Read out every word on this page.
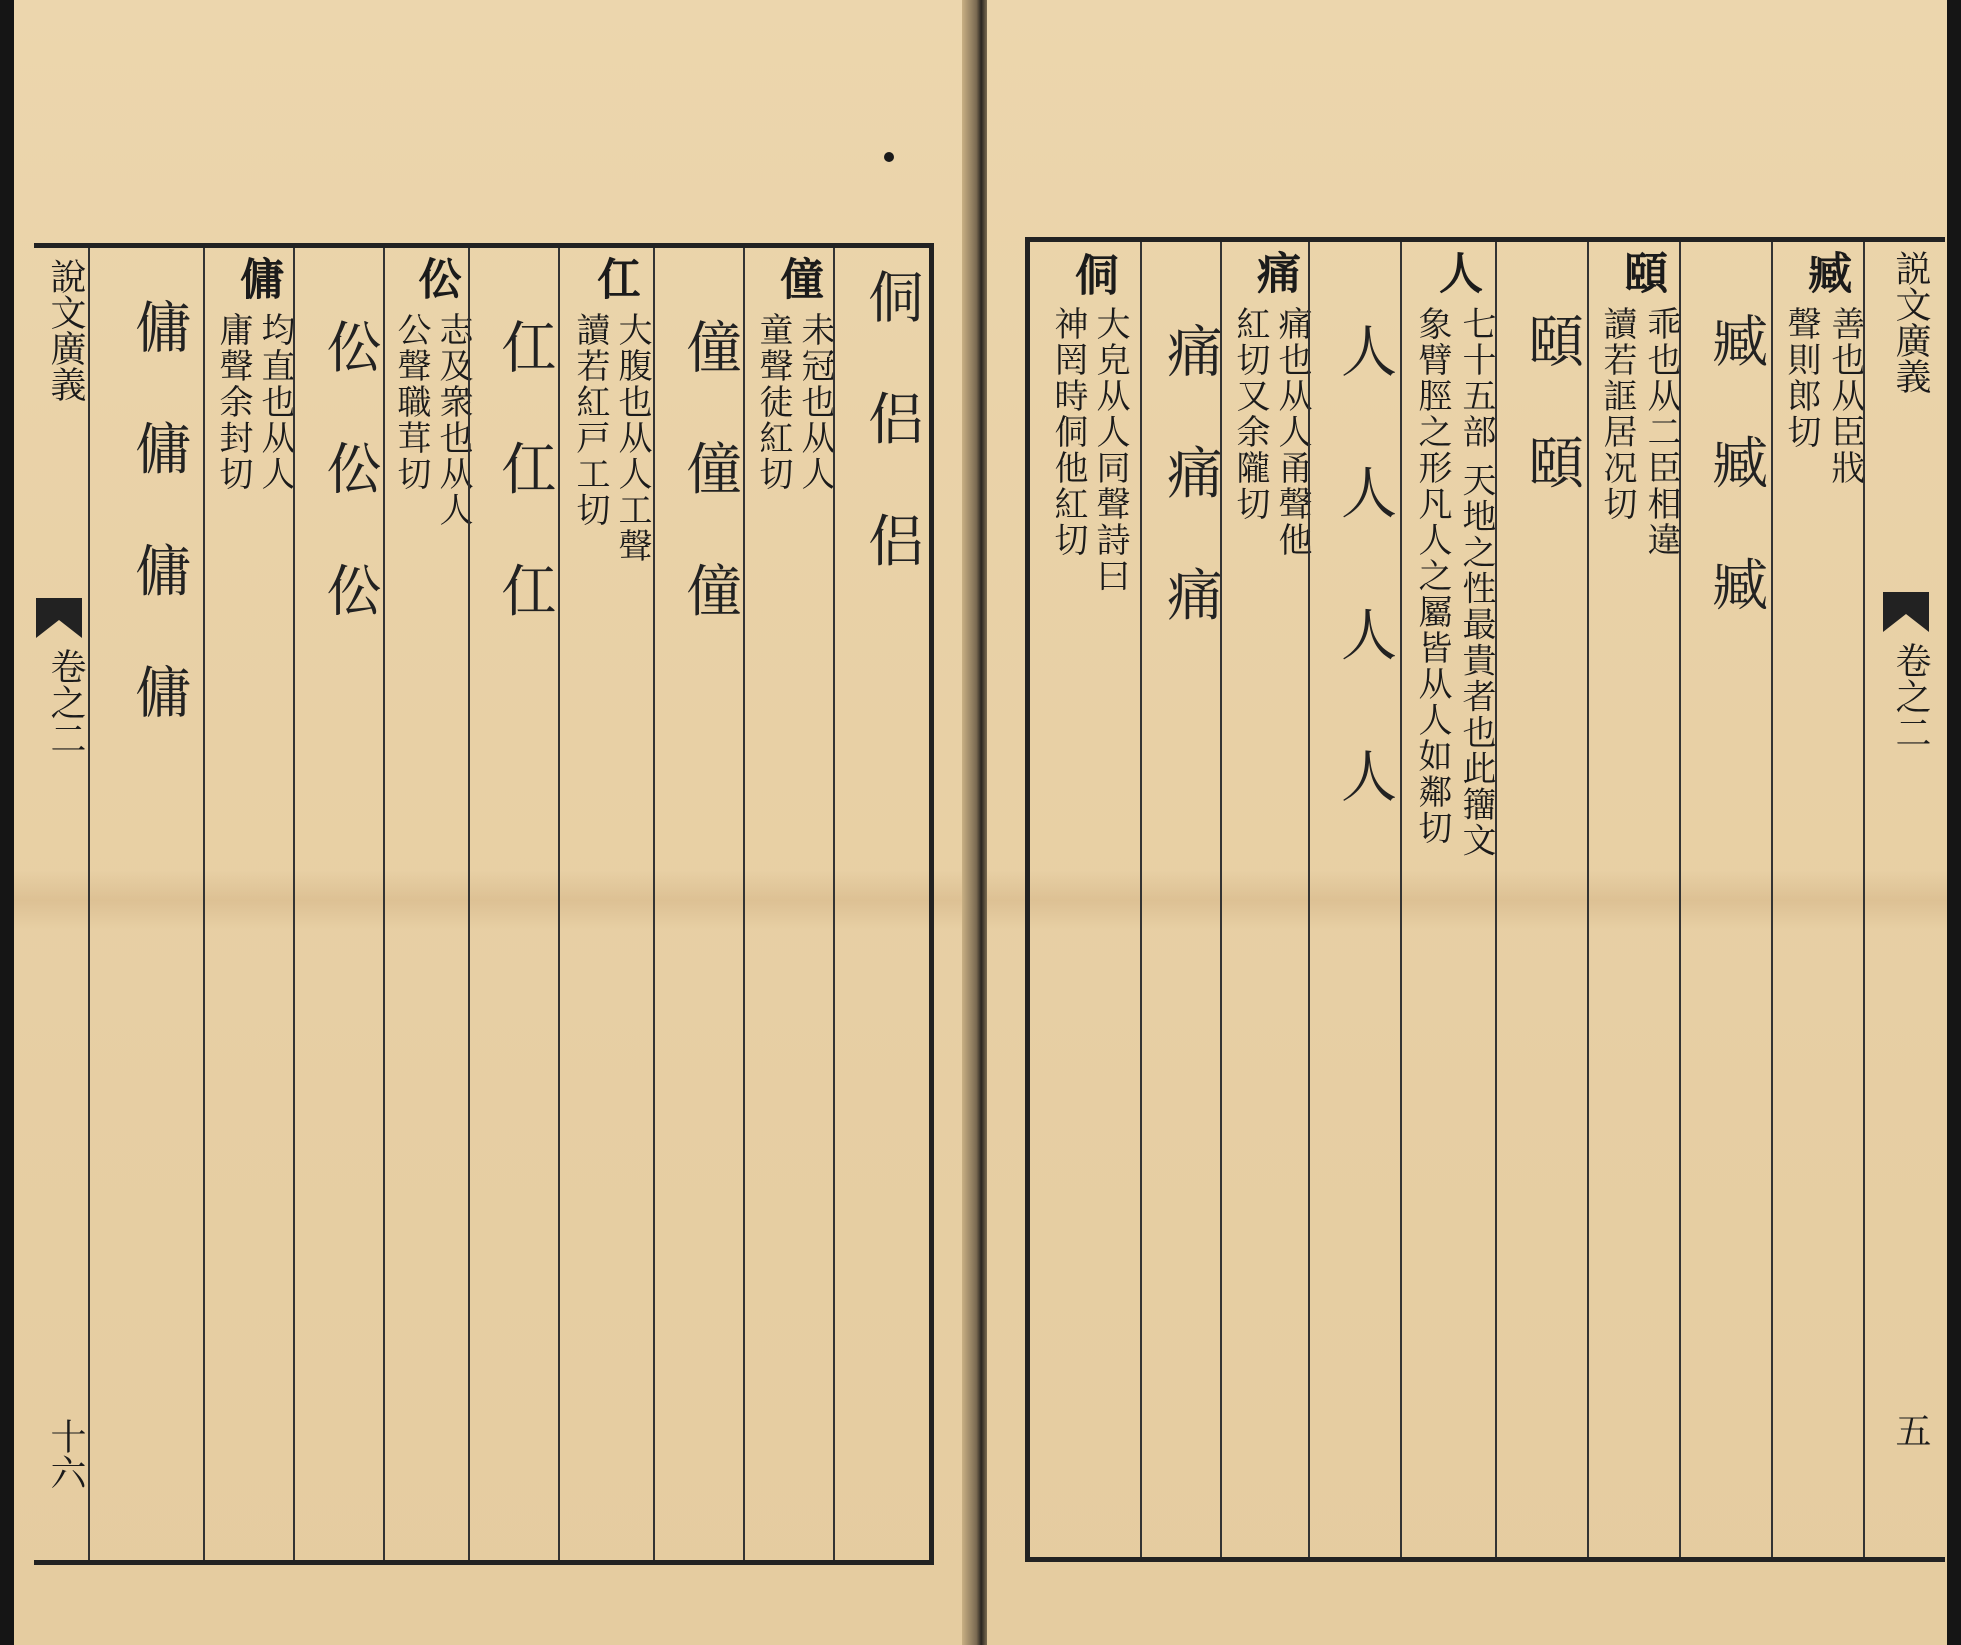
說文廣義
卷之二
十六
傭 傭 傭 傭
傭
均直也从人
庸聲余封切 伀 伀 伀
伀
志及衆也从人
公聲職茸切 仜 仜 仜
仜
大腹也从人工聲
讀若紅戸工切 僮 僮 僮
僮
未冠也从人
童聲徒紅切 侗 侣 侣	侗
大皃从人同聲詩曰
神罔時侗他紅切 痛 痛 痛
痛
痛也从人甬聲他
紅切又余隴切 人 人 人 人
人
七十五部 天地之性最貴者也此籒文
象臂脛之形凡人之屬皆从人如鄰切 頤 頤
頤
乖也从二臣相違
讀若誆居况切 臧 臧 臧
臧
善也从臣戕
聲則郎切 説文廣義
卷之二
五
